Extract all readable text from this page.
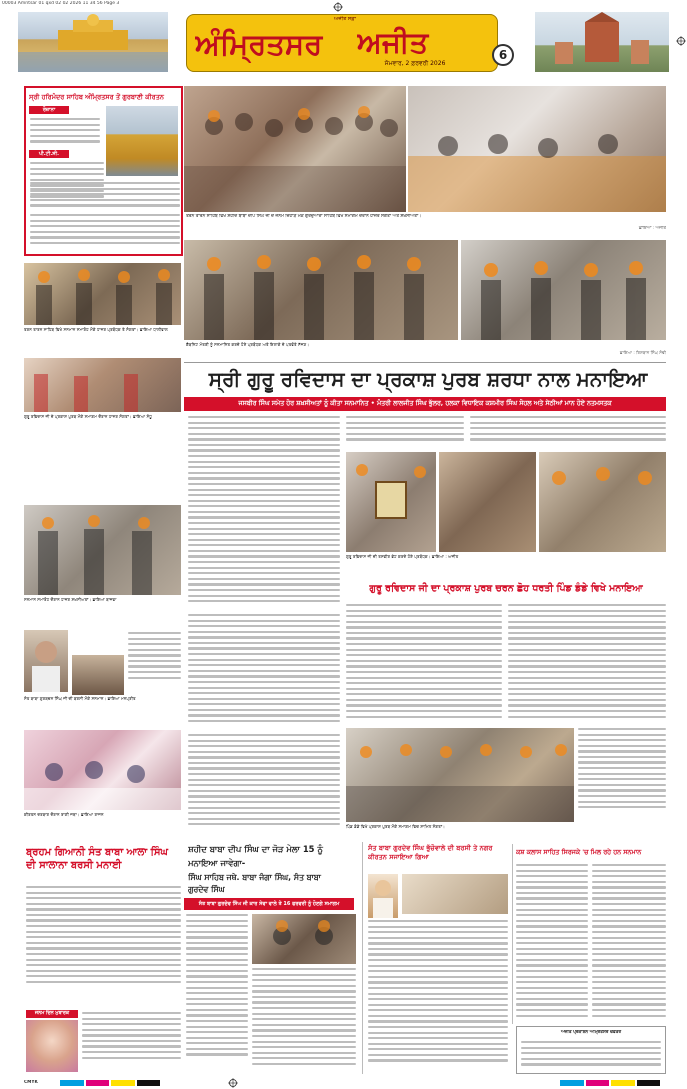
00003 Amritsar 01 qxd 02 02 2026 11 34 56 Page 3
ਅਜੀਤ ਸਫ਼ਾ
ਅੰਮ੍ਰਿਤਸਰ	ਅਜੀਤ
ਸੋਮਵਾਰ, 2 ਫ਼ਰਵਰੀ 2026
6
ਸ੍ਰੀ ਹਰਿਮੰਦਰ ਸਾਹਿਬ ਅੰਮ੍ਰਿਤਸਰ ਤੋਂ ਗੁਰਬਾਣੀ ਕੀਰਤਨ
ਰੋਜ਼ਾਨਾ
ਪੀ.ਟੀ.ਸੀ.
ਤਰਨ ਤਾਰਨ ਸਾਹਿਬ ਵਿਖੇ ਸ਼ਹੀਦ ਬਾਬਾ ਦੀਪ ਸਿੰਘ ਜੀ ਦੇ ਜਨਮ ਦਿਹਾੜੇ ਮੌਕੇ ਗੁਰਦੁਆਰਾ ਸਾਹਿਬ ਵਿਖੇ ਸਮਾਗਮ ਦੌਰਾਨ ਹਾਜ਼ਰ ਸੰਗਤਾਂ ਅਤੇ ਸ਼ਖ਼ਸੀਅਤਾਂ।
ਛਾਇਆ : ਅਜੀਤ
ਤਰਨ ਤਾਰਨ ਸਾਹਿਬ ਵਿਖੇ ਸਨਮਾਨ ਸਮਾਰੋਹ ਮੌਕੇ ਹਾਜ਼ਰ ਪ੍ਰਬੰਧਕ ਤੇ ਸੰਗਤਾਂ। ਛਾਇਆ ਧਾਲੀਵਾਲ
ਗੁਰੂ ਰਵਿਦਾਸ ਜੀ ਦੇ ਪ੍ਰਕਾਸ਼ ਪੁਰਬ ਮੌਕੇ ਸਮਾਗਮ ਦੌਰਾਨ ਹਾਜ਼ਰ ਸੰਗਤਾਂ। ਛਾਇਆ ਸੰਧੂ
ਸਨਮਾਨ ਸਮਾਰੋਹ ਦੌਰਾਨ ਹਾਜ਼ਰ ਸ਼ਖ਼ਸੀਅਤਾਂ। ਛਾਇਆ ਬਾਜਵਾ
ਸੰਤ ਬਾਬਾ ਗੁਰਬਚਨ ਸਿੰਘ ਜੀ ਦੀ ਬਰਸੀ ਮੌਕੇ ਸਨਮਾਨ। ਛਾਇਆ ਮਨਪ੍ਰੀਤ
ਕੀਰਤਨ ਦਰਬਾਰ ਦੌਰਾਨ ਰਾਗੀ ਜਥਾ। ਛਾਇਆ ਰਾਜਨ
ਬ੍ਰਹਮ ਗਿਆਨੀ ਸੰਤ ਬਾਬਾ ਆਲਾ ਸਿੰਘ ਦੀ ਸਾਲਾਨਾ ਬਰਸੀ ਮਨਾਈ
ਜਨਮ ਦਿਨ ਮੁਬਾਰਕ
ਕੈਬਨਿਟ ਮੰਤਰੀ ਨੂੰ ਸਨਮਾਨਿਤ ਕਰਦੇ ਹੋਏ ਪ੍ਰਬੰਧਕ ਅਤੇ ਇਲਾਕੇ ਦੇ ਪਤਵੰਤੇ ਸੱਜਣ।
ਛਾਇਆ : ਰਿਸ਼ਬਾਨ ਸਿੰਘ ਸੋਢੀ
ਸ੍ਰੀ ਗੁਰੂ ਰਵਿਦਾਸ ਦਾ ਪ੍ਰਕਾਸ਼ ਪੁਰਬ ਸ਼ਰਧਾ ਨਾਲ ਮਨਾਇਆ
ਜਸਬੀਰ ਸਿੰਘ ਸਮੇਤ ਹੋਰ ਸ਼ਖ਼ਸੀਅਤਾਂ ਨੂੰ ਕੀਤਾ ਸਨਮਾਨਿਤ • ਮੰਤਰੀ ਲਾਲਜੀਤ ਸਿੰਘ ਭੁੱਲਰ, ਹਲਕਾ ਵਿਧਾਇਕ ਕਸ਼ਮੀਰ ਸਿੰਘ ਸੋਹਲ ਅਤੇ ਸੇਠੀਆਂ ਮਾਨ ਹੋਏ ਨਤਮਸਤਕ
ਗੁਰੂ ਰਵਿਦਾਸ ਜੀ ਦੀ ਤਸਵੀਰ ਭੇਟ ਕਰਦੇ ਹੋਏ ਪ੍ਰਬੰਧਕ। ਛਾਇਆ : ਅਜੀਤ
ਗੁਰੂ ਰਵਿਦਾਸ ਜੀ ਦਾ ਪ੍ਰਕਾਸ਼ ਪੁਰਬ ਚਰਨ ਛੋਹ ਧਰਤੀ ਪਿੰਡ ਡੰਡੇ ਵਿਖੇ ਮਨਾਇਆ
ਪਿੰਡ ਡੰਡੇ ਵਿਖੇ ਪ੍ਰਕਾਸ਼ ਪੁਰਬ ਮੌਕੇ ਸਮਾਗਮ ਵਿਚ ਸ਼ਾਮਿਲ ਸੰਗਤਾਂ।
ਸ਼ਹੀਦ ਬਾਬਾ ਦੀਪ ਸਿੰਘ ਦਾ ਜੋੜ ਮੇਲਾ 15 ਨੂੰ ਮਨਾਇਆ ਜਾਵੇਗਾ-
ਸਿੰਘ ਸਾਹਿਬ ਜਥੇ. ਬਾਬਾ ਜੰਗਾ ਸਿੰਘ, ਸੰਤ ਬਾਬਾ ਗੁਰਦੇਵ ਸਿੰਘ
ਸੰਤ ਬਾਬਾ ਗੁਰਦੇਵ ਸਿੰਘ ਜੀ ਕਾਰ ਸੇਵਾ ਵਾਲੇ ਤੇ 16 ਫਰਵਰੀ ਨੂੰ ਹੋਣਗੇ ਸਮਾਗਮ
ਸੰਤ ਬਾਬਾ ਗੁਰਦੇਵ ਸਿੰਘ ਭੁੱਚੋਵਾਲੇ ਦੀ ਬਰਸੀ ਤੇ ਨਗਰ ਕੀਰਤਨ ਸਜਾਇਆ ਗਿਆ	ਕਸ਼ ਕਲਾਸ ਸਾਹਿਤ ਸਿਰਜਕੇ 'ਚ ਮਿਲ ਰਹੇ ਹਨ ਸਨਮਾਨ
ਅਜੀਤ ਪ੍ਰਕਾਸ਼ਨ ਅੰਮ੍ਰਿਤਸਰ ਦਫ਼ਤਰ
CMYK
